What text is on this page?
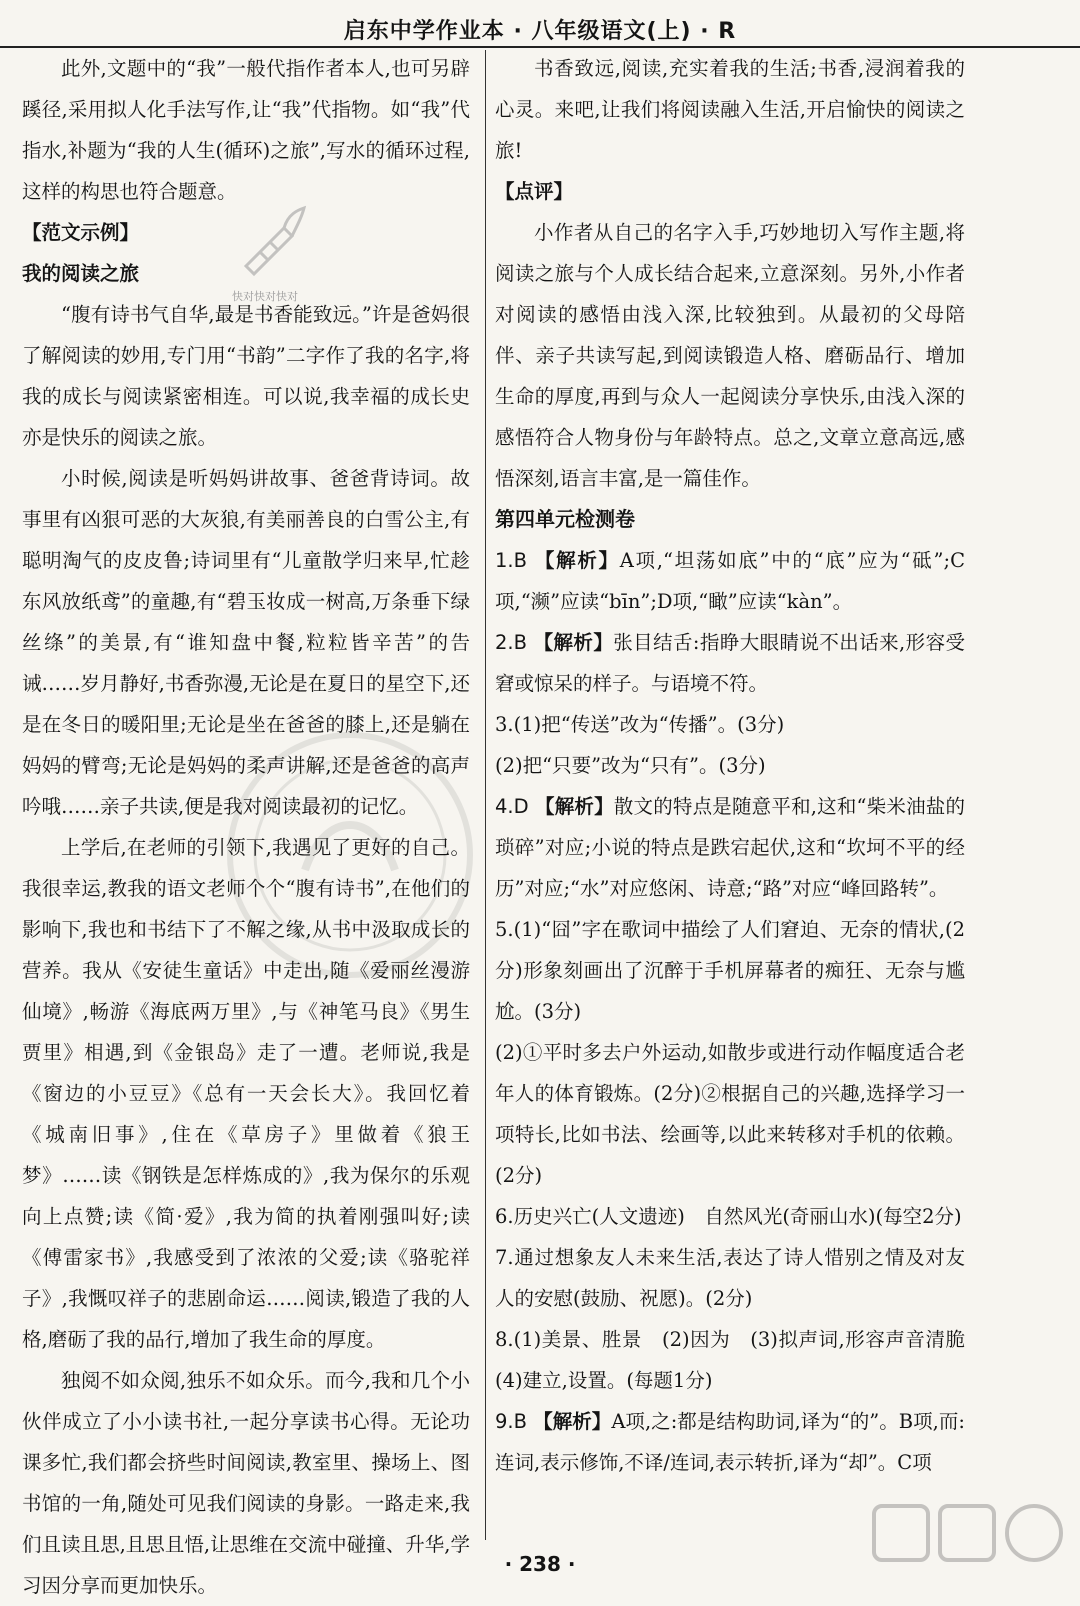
启东中学作业本 · 八年级语文(上) · R
快对快对快对

此外,文题中的“我”一般代指作者本人,也可另辟蹊径,采用拟人化手法写作,让“我”代指物。如“我”代指水,补题为“我的人生(循环)之旅”,写水的循环过程,这样的构思也符合题意。

【范文示例】

我的阅读之旅

“腹有诗书气自华,最是书香能致远。”许是爸妈很了解阅读的妙用,专门用“书韵”二字作了我的名字,将我的成长与阅读紧密相连。可以说,我幸福的成长史亦是快乐的阅读之旅。

小时候,阅读是听妈妈讲故事、爸爸背诗词。故事里有凶狠可恶的大灰狼,有美丽善良的白雪公主,有聪明淘气的皮皮鲁;诗词里有“儿童散学归来早,忙趁东风放纸鸢”的童趣,有“碧玉妆成一树高,万条垂下绿丝绦”的美景,有“谁知盘中餐,粒粒皆辛苦”的告诫……岁月静好,书香弥漫,无论是在夏日的星空下,还是在冬日的暖阳里;无论是坐在爸爸的膝上,还是躺在妈妈的臂弯;无论是妈妈的柔声讲解,还是爸爸的高声吟哦……亲子共读,便是我对阅读最初的记忆。

上学后,在老师的引领下,我遇见了更好的自己。我很幸运,教我的语文老师个个“腹有诗书”,在他们的影响下,我也和书结下了不解之缘,从书中汲取成长的营养。我从《安徒生童话》中走出,随《爱丽丝漫游仙境》,畅游《海底两万里》,与《神笔马良》《男生贾里》相遇,到《金银岛》走了一遭。老师说,我是《窗边的小豆豆》《总有一天会长大》。我回忆着《城南旧事》,住在《草房子》里做着《狼王梦》……读《钢铁是怎样炼成的》,我为保尔的乐观向上点赞;读《简·爱》,我为简的执着刚强叫好;读《傅雷家书》,我感受到了浓浓的父爱;读《骆驼祥子》,我慨叹祥子的悲剧命运……阅读,锻造了我的人格,磨砺了我的品行,增加了我生命的厚度。

独阅不如众阅,独乐不如众乐。而今,我和几个小伙伴成立了小小读书社,一起分享读书心得。无论功课多忙,我们都会挤些时间阅读,教室里、操场上、图书馆的一角,随处可见我们阅读的身影。一路走来,我们且读且思,且思且悟,让思维在交流中碰撞、升华,学习因分享而更加快乐。

书香致远,阅读,充实着我的生活;书香,浸润着我的心灵。来吧,让我们将阅读融入生活,开启愉快的阅读之旅!

【点评】

小作者从自己的名字入手,巧妙地切入写作主题,将阅读之旅与个人成长结合起来,立意深刻。另外,小作者对阅读的感悟由浅入深,比较独到。从最初的父母陪伴、亲子共读写起,到阅读锻造人格、磨砺品行、增加生命的厚度,再到与众人一起阅读分享快乐,由浅入深的感悟符合人物身份与年龄特点。总之,文章立意高远,感悟深刻,语言丰富,是一篇佳作。

第四单元检测卷

1.B 【解析】A项,“坦荡如底”中的“底”应为“砥”;C项,“濒”应读“bīn”;D项,“瞰”应读“kàn”。

2.B 【解析】张目结舌:指睁大眼睛说不出话来,形容受窘或惊呆的样子。与语境不符。

3.(1)把“传送”改为“传播”。(3分)

(2)把“只要”改为“只有”。(3分)

4.D 【解析】散文的特点是随意平和,这和“柴米油盐的琐碎”对应;小说的特点是跌宕起伏,这和“坎坷不平的经历”对应;“水”对应悠闲、诗意;“路”对应“峰回路转”。

5.(1)“囧”字在歌词中描绘了人们窘迫、无奈的情状,(2分)形象刻画出了沉醉于手机屏幕者的痴狂、无奈与尴尬。(3分)

(2)①平时多去户外运动,如散步或进行动作幅度适合老年人的体育锻炼。(2分)②根据自己的兴趣,选择学习一项特长,比如书法、绘画等,以此来转移对手机的依赖。(2分)

6.历史兴亡(人文遗迹)　自然风光(奇丽山水)(每空2分)

7.通过想象友人未来生活,表达了诗人惜别之情及对友人的安慰(鼓励、祝愿)。(2分)

8.(1)美景、胜景　(2)因为　(3)拟声词,形容声音清脆(4)建立,设置。(每题1分)

9.B 【解析】A项,之:都是结构助词,译为“的”。B项,而:连词,表示修饰,不译/连词,表示转折,译为“却”。C项

· 238 ·
